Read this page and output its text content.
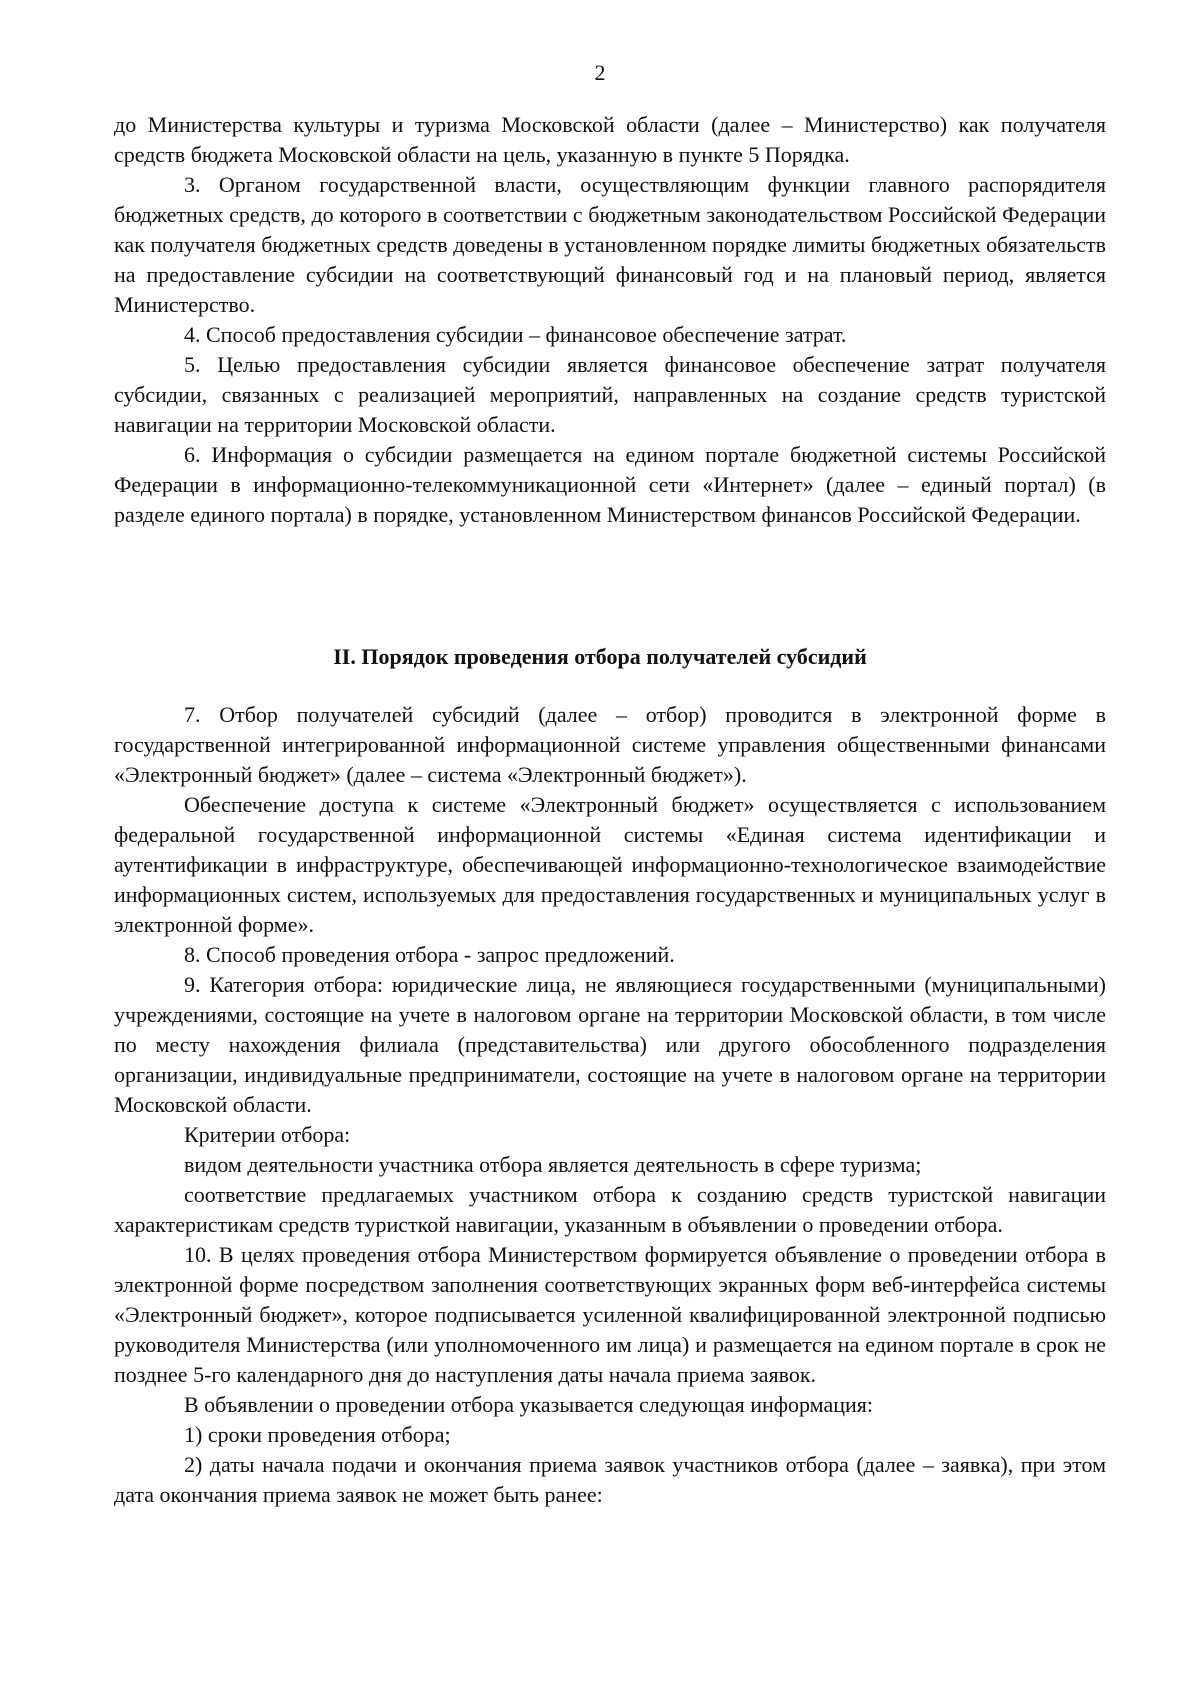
2

до Министерства культуры и туризма Московской области (далее – Министерство) как получателя средств бюджета Московской области на цель, указанную в пункте 5 Порядка.

3. Органом государственной власти, осуществляющим функции главного распорядителя бюджетных средств, до которого в соответствии с бюджетным законодательством Российской Федерации как получателя бюджетных средств доведены в установленном порядке лимиты бюджетных обязательств на предоставление субсидии на соответствующий финансовый год и на плановый период, является Министерство.

4. Способ предоставления субсидии – финансовое обеспечение затрат.

5. Целью предоставления субсидии является финансовое обеспечение затрат получателя субсидии, связанных с реализацией мероприятий, направленных на создание средств туристской навигации на территории Московской области.

6. Информация о субсидии размещается на едином портале бюджетной системы Российской Федерации в информационно-телекоммуникационной сети «Интернет» (далее – единый портал) (в разделе единого портала) в порядке, установленном Министерством финансов Российской Федерации.

II. Порядок проведения отбора получателей субсидий

7. Отбор получателей субсидий (далее – отбор) проводится в электронной форме в государственной интегрированной информационной системе управления общественными финансами «Электронный бюджет» (далее – система «Электронный бюджет»).

Обеспечение доступа к системе «Электронный бюджет» осуществляется с использованием федеральной государственной информационной системы «Единая система идентификации и аутентификации в инфраструктуре, обеспечивающей информационно-технологическое взаимодействие информационных систем, используемых для предоставления государственных и муниципальных услуг в электронной форме».

8. Способ проведения отбора - запрос предложений.

9. Категория отбора: юридические лица, не являющиеся государственными (муниципальными) учреждениями, состоящие на учете в налоговом органе на территории Московской области, в том числе по месту нахождения филиала (представительства) или другого обособленного подразделения организации, индивидуальные предприниматели, состоящие на учете в налоговом органе на территории Московской области.

Критерии отбора:

видом деятельности участника отбора является деятельность в сфере туризма;

соответствие предлагаемых участником отбора к созданию средств туристской навигации характеристикам средств туристкой навигации, указанным в объявлении о проведении отбора.

10. В целях проведения отбора Министерством формируется объявление о проведении отбора в электронной форме посредством заполнения соответствующих экранных форм веб-интерфейса системы «Электронный бюджет», которое подписывается усиленной квалифицированной электронной подписью руководителя Министерства (или уполномоченного им лица) и размещается на едином портале в срок не позднее 5-го календарного дня до наступления даты начала приема заявок.

В объявлении о проведении отбора указывается следующая информация:

1) сроки проведения отбора;

2) даты начала подачи и окончания приема заявок участников отбора (далее – заявка), при этом дата окончания приема заявок не может быть ранее:
